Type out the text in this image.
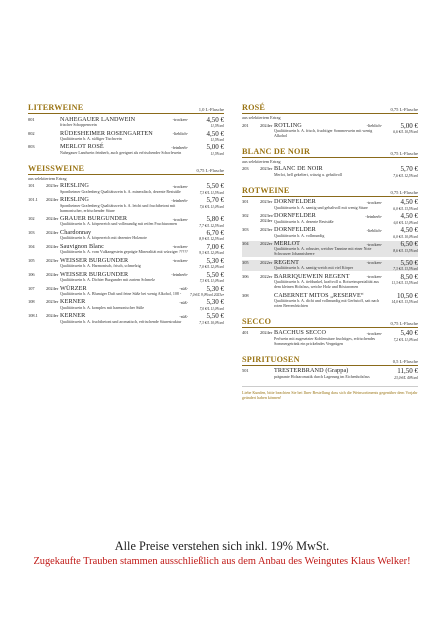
LITERWEINE	1,0 L-Flasche
001	NAHEGAUER LANDWEIN	-trocken-	4,50 €
11,5%vol
frischer Schoppenwein
002	RÜDESHEIMER ROSENGARTEN	-lieblich-	4,50 €
11,5%vol
Qualitätswein b. A. süffiger Tischwein
003	MERLOT ROSÉ	-feinherb-	5,00 €
11,5%vol
Nahegauer Landwein feinherb, auch geeignet als erfrischender Schorlewein
WEISSWEINE	0,75 L-Flasche
aus selektiertem Ertrag
101	2023er RIESLING	-trocken-	5,50 €
7,3 €/L 11,5%vol
Spontheimer Grafenberg Qualitätswein b. A. mineralisch, dezente Restsüße
101.1	2024er RIESLING	-feinherb-	5,70 €
7,6 €/L 11,0%vol
Spontheimer Grafenberg Qualitätswein b. A. leicht und fruchtbetont mit harmonischer, erfrischender Säure
102	2024er GRAUER BURGUNDER	-trocken-	5,80 €
7,7 €/L 12,5%vol
Qualitätswein b. A. körperreich und vollmundig mit reifen Fruchtaromen
103	2024er Chardonnay	6,70 €
8,9 €/L 12,5%vol
Qualitätswein b. A. körperreich mit dezenter Holznote
104	2024er Sauvignon Blanc	-trocken-	7,00 €
9,3 €/L 12,0%vol
Qualitätswein b. A. vom Vulkangestein geprägte Mineralität mit würziger ?????
105	2023er WEISSER BURGUNDER	-trocken-	5,30 €
7,0 €/L 12,0%vol
Qualitätswein b. A. Harmonisch, frisch, schmelzig
106	2024er WEISSER BURGUNDER	-feinherb-	5,50 €
7,3 €/L 11,0%vol
Qualitätswein b. A. Dichter Burgunder mit zartem Schmelz
107	2024er WÜRZER	-süß-	5,30 €
7,0 €/L 9,0%vol 2023er
Qualitätswein b. A. Blumiger Duft und feine Süße bei wenig Alkohol, 108 -
108	2023er KERNER	-süß-	5,30 €
7,0 €/L 11,0%vol
Qualitätswein b. A. komplex mit harmonischer Süße
108.1	2024er KERNER	-süß-	5,50 €
7,3 €/L 10,0%vol
Qualitätswein b. A. fruchtbetont und aromatisch, erfrischende Säurestruktur
ROSÉ	0,75 L-Flasche
aus selektiertem Ertrag
201	2024er ROTLING	-lieblich-	5,00 €
6,6 €/L 10,5%vol
Qualitätswein b. A. frisch, fruchtiger Sommerwein mit wenig Alkohol
BLANC DE NOIR	0,75 L-Flasche
aus selektiertem Ertrag
203	2023er BLANC DE NOIR	5,70 €
7,6 €/L 12,5%vol
Merlot, hell gekeltert, würzig u. gehaltvoll
ROTWEINE	0,75 L-Flasche
301	2023er DORNFELDER	-trocken-	4,50 €
6,0 €/L 13,5%vol
Qualitätswein b. A. samtig und gehaltvoll mit wenig Säure
302	2023er/ 2024er
DORNFELDER	-feinherb-	4,50 €
6,0 €/L 11,0%vol
Qualitätswein b. A. dezente Restsüße
303	2023er DORNFELDER	-lieblich-	4,50 €
6,0 €/L 10,0%vol
Qualitätswein b. A. vollmundig
304	2022er MERLOT	-trocken-	6,50 €
8,6 €/L 13,5%vol
Qualitätswein b. A. robuster, weicher Tannine mit einer Note Schwarzer Johannisbeere
305	2022er REGENT	-trocken-	5,50 €
7,3 €/L 13,5%vol
Qualitätswein b. A. samtig-weich mit viel Körper
306	2022er BARRIQUEWEIN REGENT	-trocken-	8,50 €
11,3 €/L 13,5%vol
Qualitätswein b. A. tiefdunkel, kraftvoll u. Rotweinspezialität aus dem kleinen Holzfass, weiche Holz und Röstaromen
308	CABERNET MITOS „RESERVE“	10,50 €
14,0 €/L 13,5%vol
Qualitätswein b. A. dicht und vollmundig mit Gerbstoff, satt nach roten Beerenfrüchten
SECCO	0,75 L-Flasche
401	2024er BACCHUS SECCO	-trocken-	5,40 €
7,2 €/L 11,0%vol
Perlwein mit zugesetzter Kohlensäure fruchtiges, erfrischendes Sommergetränk ein prickelndes Vergnügen
SPIRITUOSEN	0,5 L-Flasche
501	TRESTERBRAND (Grappa)	11,50 €
23,0 €/L 40%vol
prägnante Holzaromatik durch Lagerung im Eichenholzfass
Liebe Kunden, bitte beachten Sie bei Ihrer Bestellung dass sich die Weinsortiments gegenüber dem Vorjahr geändert haben können!
Alle Preise verstehen sich inkl. 19% MwSt.
Zugekaufte Trauben stammen ausschließlich aus dem Anbau des Weingutes Klaus Welker!
